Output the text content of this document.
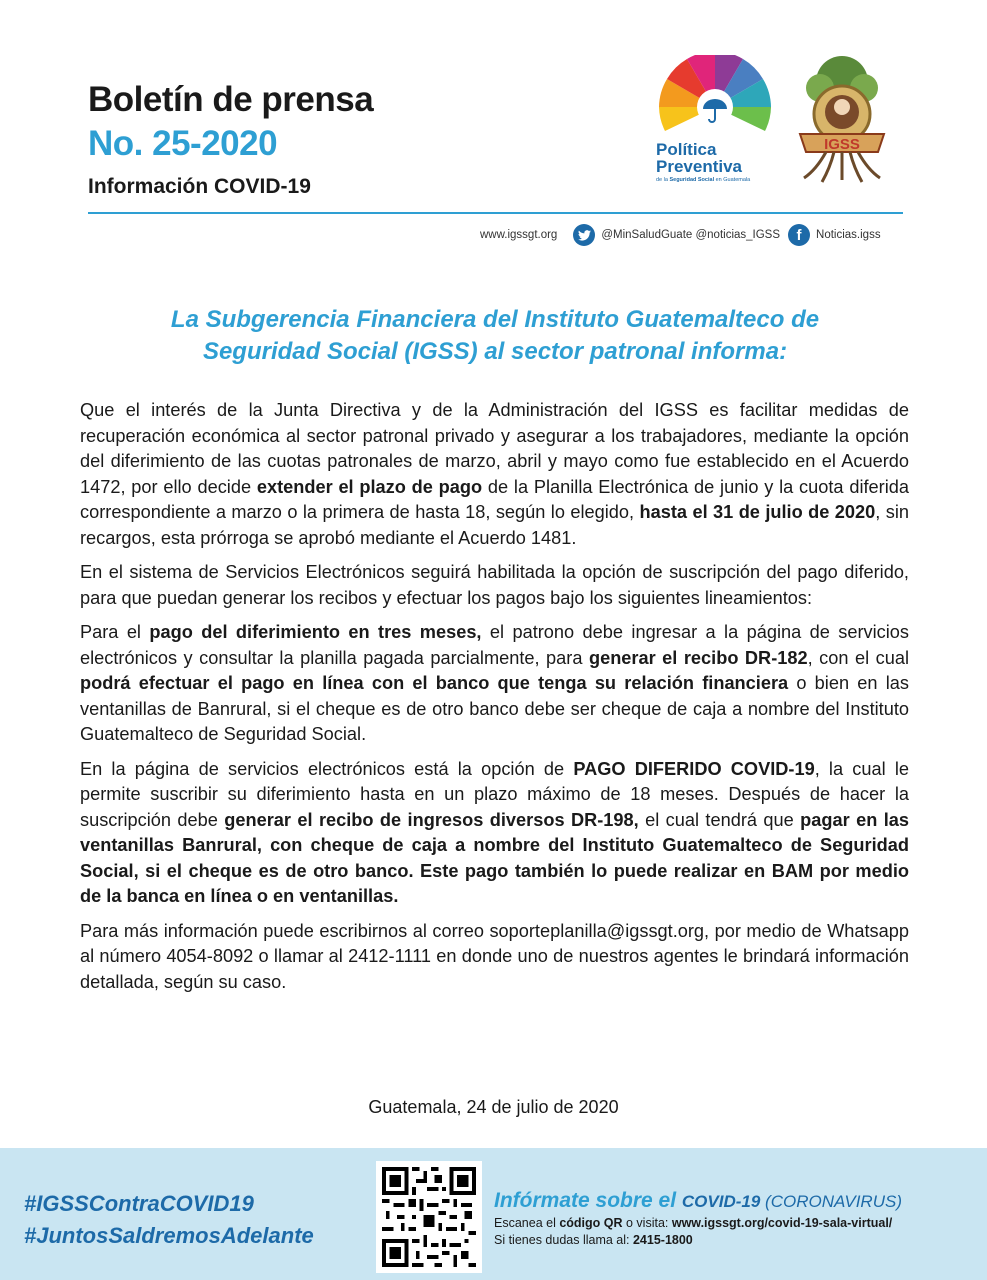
Boletín de prensa
No. 25-2020
Información COVID-19
Política
Preventiva
de la Seguridad Social en Guatemala
IGSS
www.igssgt.org	@MinSaludGuate @noticias_IGSS	f	Noticias.igss
La Subgerencia Financiera del Instituto Guatemalteco de
Seguridad Social (IGSS) al sector patronal informa:

Que el interés de la Junta Directiva y de la Administración del IGSS es facilitar medidas de recuperación económica al sector patronal privado y asegurar a los trabajadores, mediante la opción del diferimiento de las cuotas patronales de marzo, abril y mayo como fue establecido en el Acuerdo 1472, por ello decide extender el plazo de pago de la Planilla Electrónica de junio y la cuota diferida correspondiente a marzo o la primera de hasta 18, según lo elegido, hasta el 31 de julio de 2020, sin recargos, esta prórroga se aprobó mediante el Acuerdo 1481.

En el sistema de Servicios Electrónicos seguirá habilitada la opción de suscripción del pago diferido, para que puedan generar los recibos y efectuar los pagos bajo los siguientes lineamientos:

Para el pago del diferimiento en tres meses, el patrono debe ingresar a la página de servicios electrónicos y consultar la planilla pagada parcialmente, para generar el recibo DR-182, con el cual podrá efectuar el pago en línea con el banco que tenga su relación financiera o bien en las ventanillas de Banrural, si el cheque es de otro banco debe ser cheque de caja a nombre del Instituto Guatemalteco de Seguridad Social.

En la página de servicios electrónicos está la opción de PAGO DIFERIDO COVID-19, la cual le permite suscribir su diferimiento hasta en un plazo máximo de 18 meses. Después de hacer la suscripción debe generar el recibo de ingresos diversos DR-198, el cual tendrá que pagar en las ventanillas Banrural, con cheque de caja a nombre del Instituto Guatemalteco de Seguridad Social, si el cheque es de otro banco. Este pago también lo puede realizar en BAM por medio de la banca en línea o en ventanillas.

Para más información puede escribirnos al correo soporteplanilla@igssgt.org, por medio de Whatsapp al número 4054-8092 o llamar al 2412-1111 en donde uno de nuestros agentes le brindará información detallada, según su caso.

Guatemala, 24 de julio de 2020
#IGSSContraCOVID19
#JuntosSaldremosAdelante
Infórmate sobre el COVID-19 (CORONAVIRUS)
Escanea el código QR o visita: www.igssgt.org/covid-19-sala-virtual/
Si tienes dudas llama al: 2415-1800
